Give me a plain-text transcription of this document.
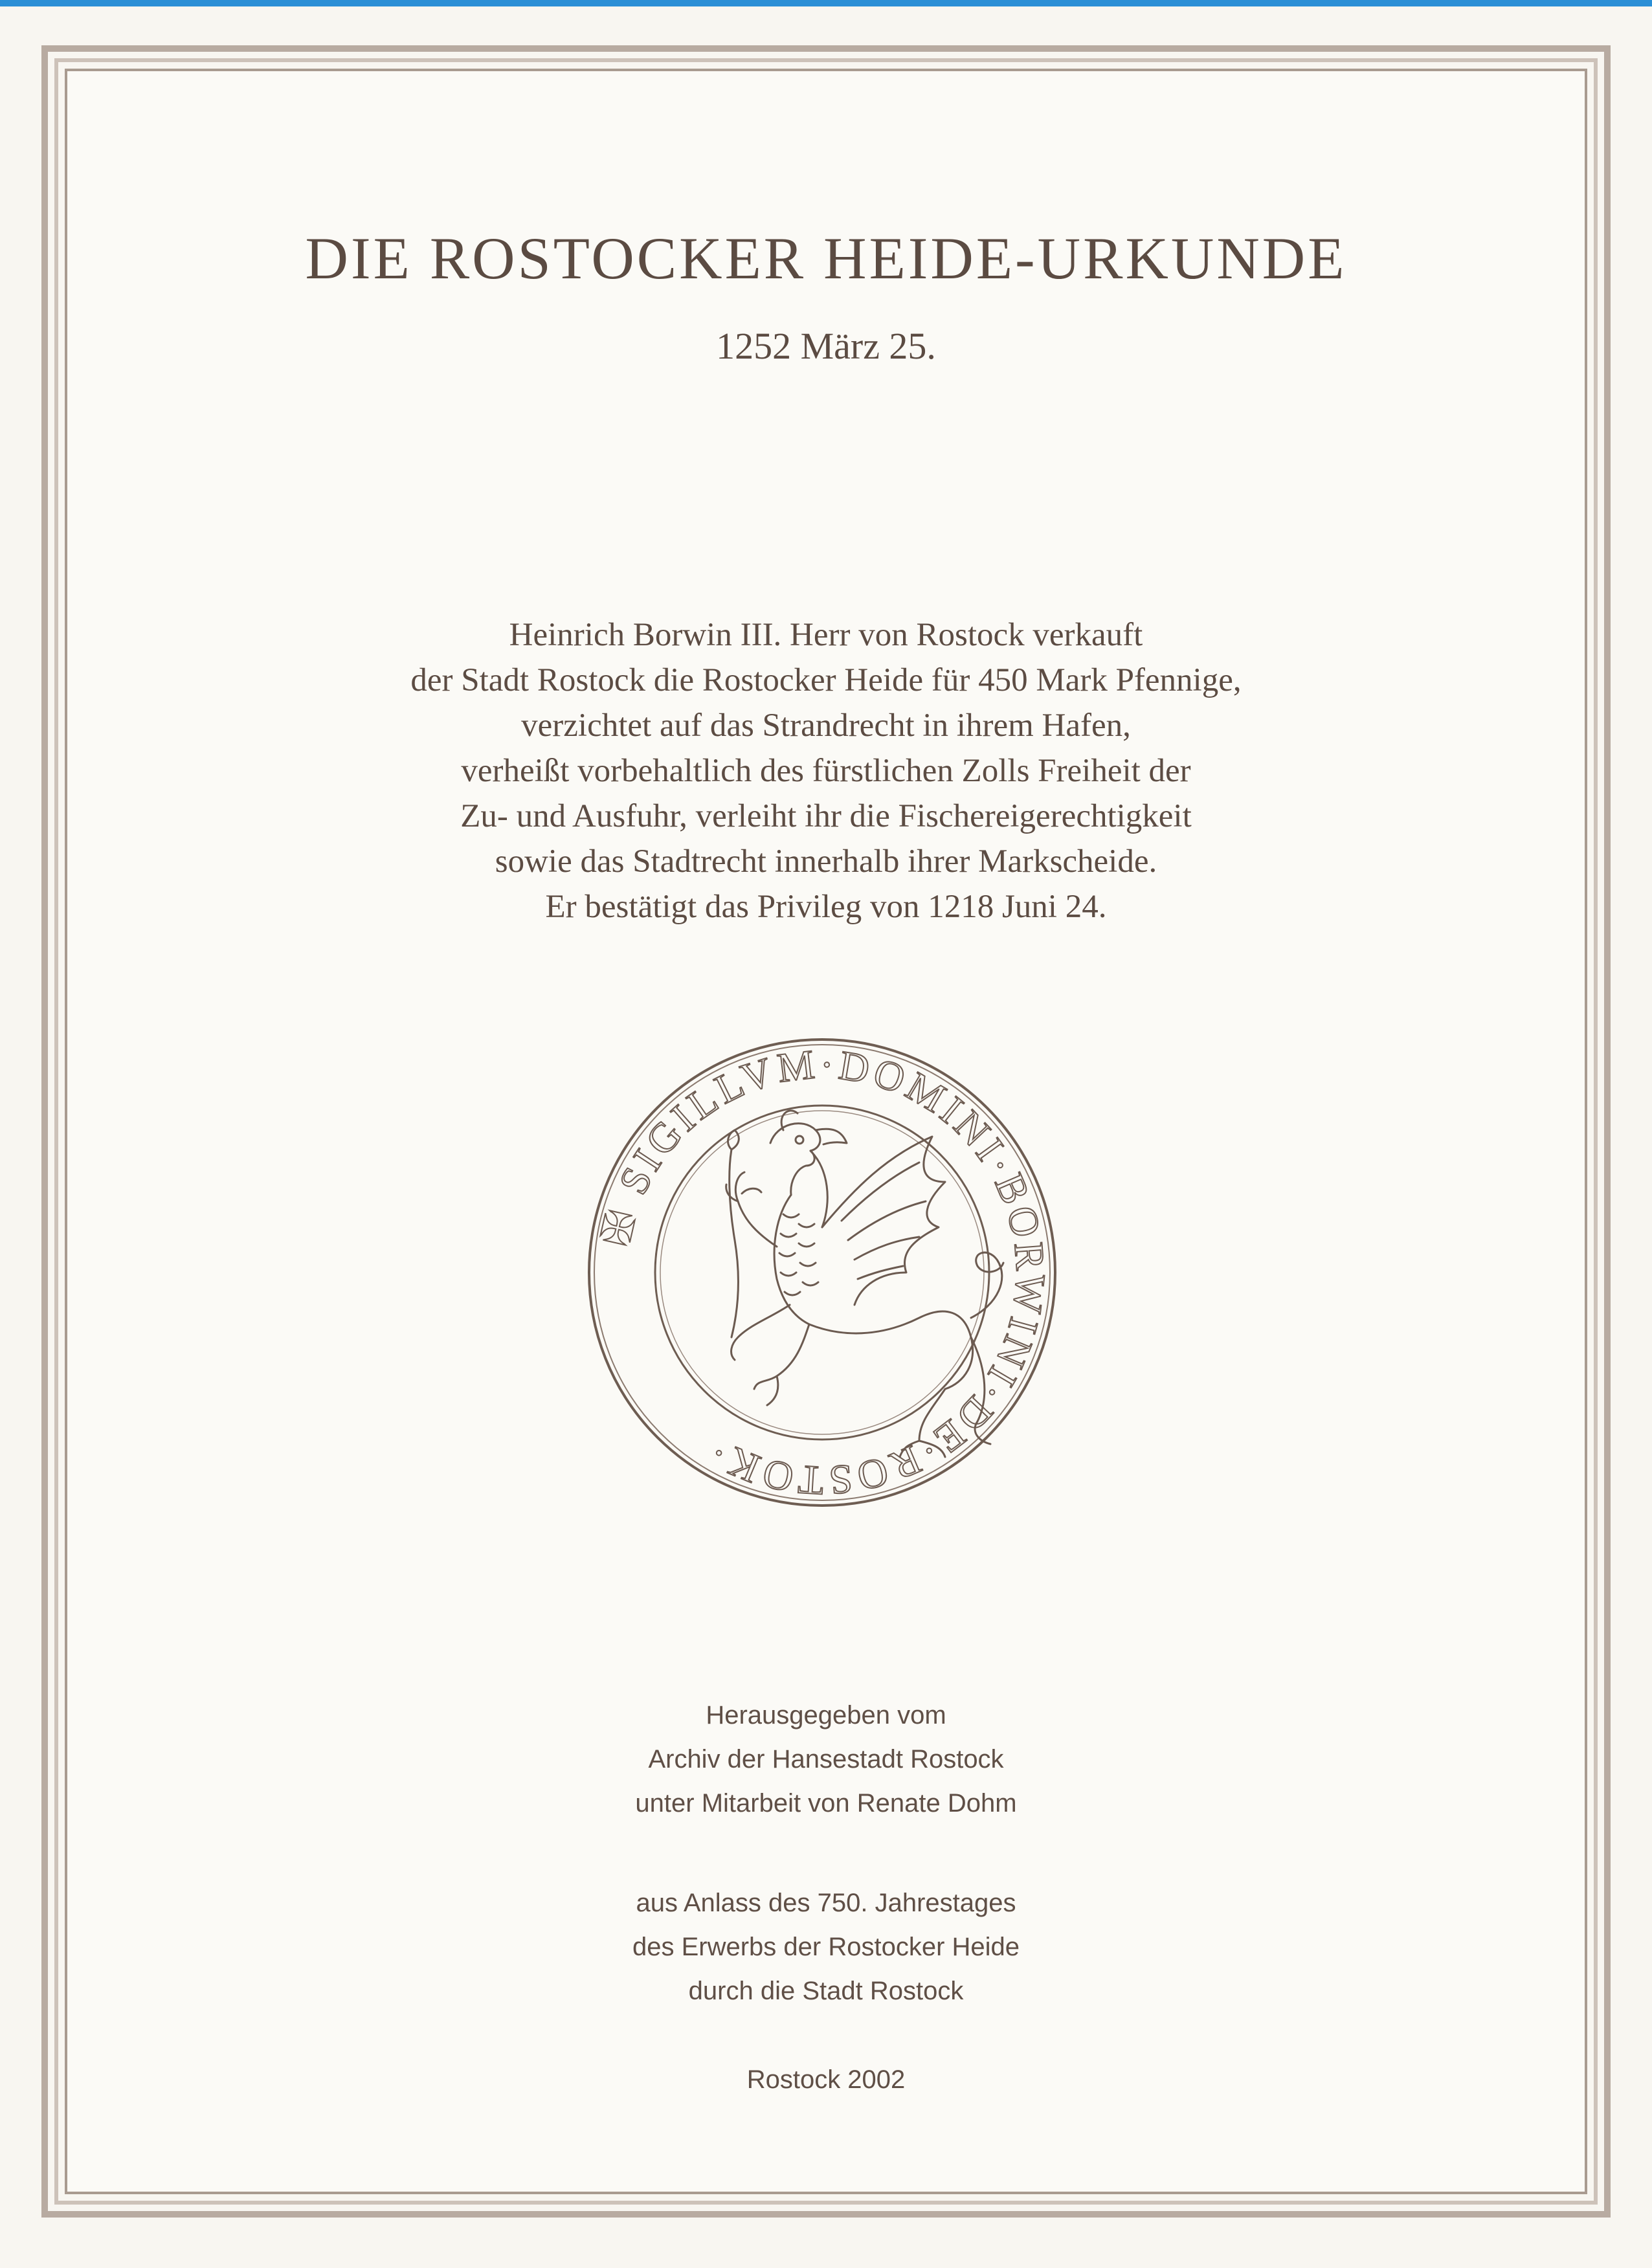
DIE ROSTOCKER HEIDE-URKUNDE
1252 März 25.
Heinrich Borwin III. Herr von Rostock verkauft
der Stadt Rostock die Rostocker Heide für 450 Mark Pfennige,
verzichtet auf das Strandrecht in ihrem Hafen,
verheißt vorbehaltlich des fürstlichen Zolls Freiheit der
Zu- und Ausfuhr, verleiht ihr die Fischereigerechtigkeit
sowie das Stadtrecht innerhalb ihrer Markscheide.
Er bestätigt das Privileg von 1218 Juni 24.
✠ SIGILLVM·DOMINI·BORWINI·DE·ROSTOK·
Herausgegeben vom
Archiv der Hansestadt Rostock
unter Mitarbeit von Renate Dohm
aus Anlass des 750. Jahrestages
des Erwerbs der Rostocker Heide
durch die Stadt Rostock
Rostock 2002
